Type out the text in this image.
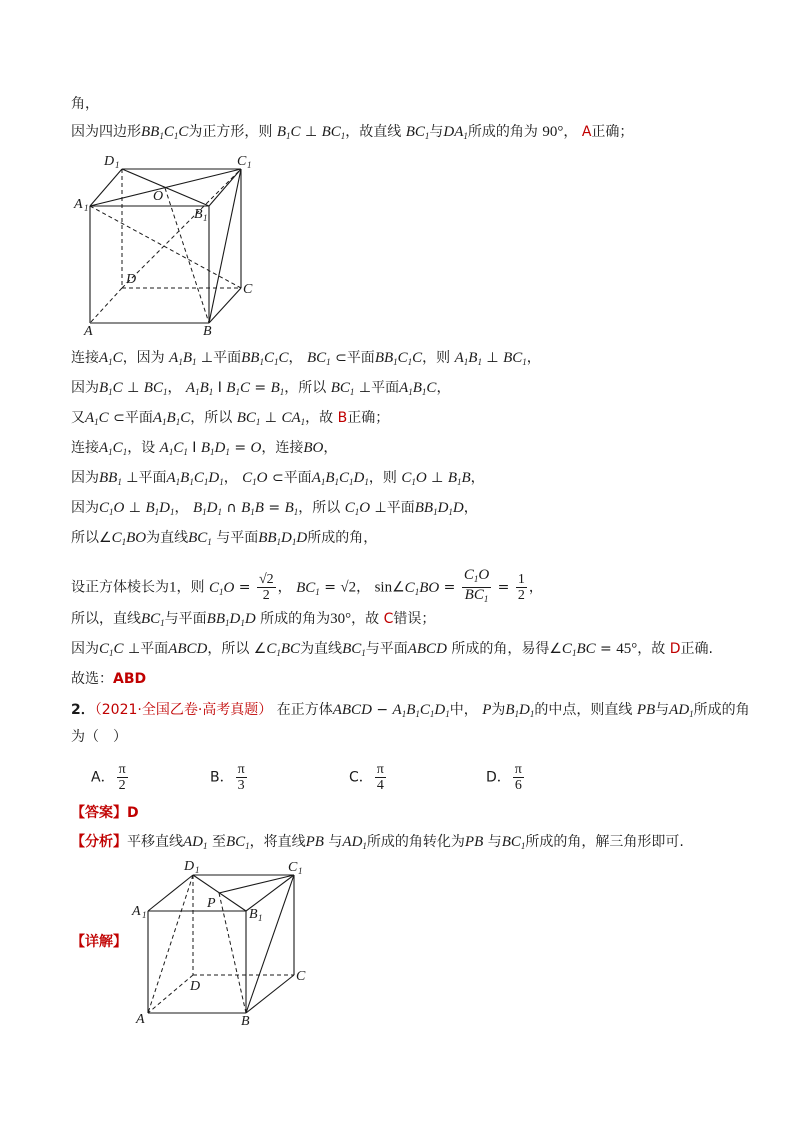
角，
因为四边形$BB_1C_1C$为正方形，则 $B_1C$ ⊥ $BC_1$，故直线 $BC_1$与$DA_1$所成的角为 90°， A正确；
D 1	C 1
O
A 1	B 1
D
C
A	B
连接$A_1C$，因为 $A_1B_1$ ⊥平面$BB_1C_1C$， $BC_1$ ⊂平面$BB_1C_1C$，则 $A_1B_1$ ⊥ $BC_1$，
因为$B_1C$ ⊥ $BC_1$， $A_1B_1$ I $B_1C = B_1$，所以 $BC_1$ ⊥平面$A_1B_1C$，
又$A_1C$ ⊂平面$A_1B_1C$，所以 $BC_1$ ⊥ $CA_1$，故 B正确；
连接$A_1C_1$，设 $A_1C_1$ I $B_1D_1 = O$，连接BO，
因为$BB_1$ ⊥平面$A_1B_1C_1D_1$， $C_1O$ ⊂平面$A_1B_1C_1D_1$，则 $C_1O$ ⊥ $B_1B$，
因为$C_1O$ ⊥ $B_1D_1$， $B_1D_1$ ∩ $B_1B = B_1$，所以 $C_1O$ ⊥平面$BB_1D_1D$，
所以$\angle C_1BO$为直线$BC_1$ 与平面$BB_1D_1D$所成的角，
设正方体棱长为1，则 $C_1O = \frac{√2}{2}$ ， $BC_1 = √2$， $\sin\angle C_1BO = \frac{C_1O}{BC_1} = \frac{1}{2}$ ，
所以，直线$BC_1$与平面$BB_1D_1D$ 所成的角为30°，故 C错误；
因为$C_1C$ ⊥平面ABCD，所以 $\angle C_1BC$为直线$BC_1$与平面ABCD 所成的角，易得$\angle C_1BC = 45^\circ$，故 D正确.
故选：ABD
2．（2021·全国乙卷·高考真题） 在正方体ABCD − $A_1B_1C_1D_1$中， P为$B_1D_1$的中点，则直线 PB与$AD_1$所成的角
为（　）
A． $\frac{\pi}{2}$	B． $\frac{\pi}{3}$	C． $\frac{\pi}{4}$	D． $\frac{\pi}{6}$
【答案】D
【分析】平移直线$AD_1$ 至$BC_1$，将直线PB 与$AD_1$所成的角转化为PB 与$BC_1$所成的角，解三角形即可.
【详解】
D 1	C 1
P
A 1	B 1
D
C
A	B
